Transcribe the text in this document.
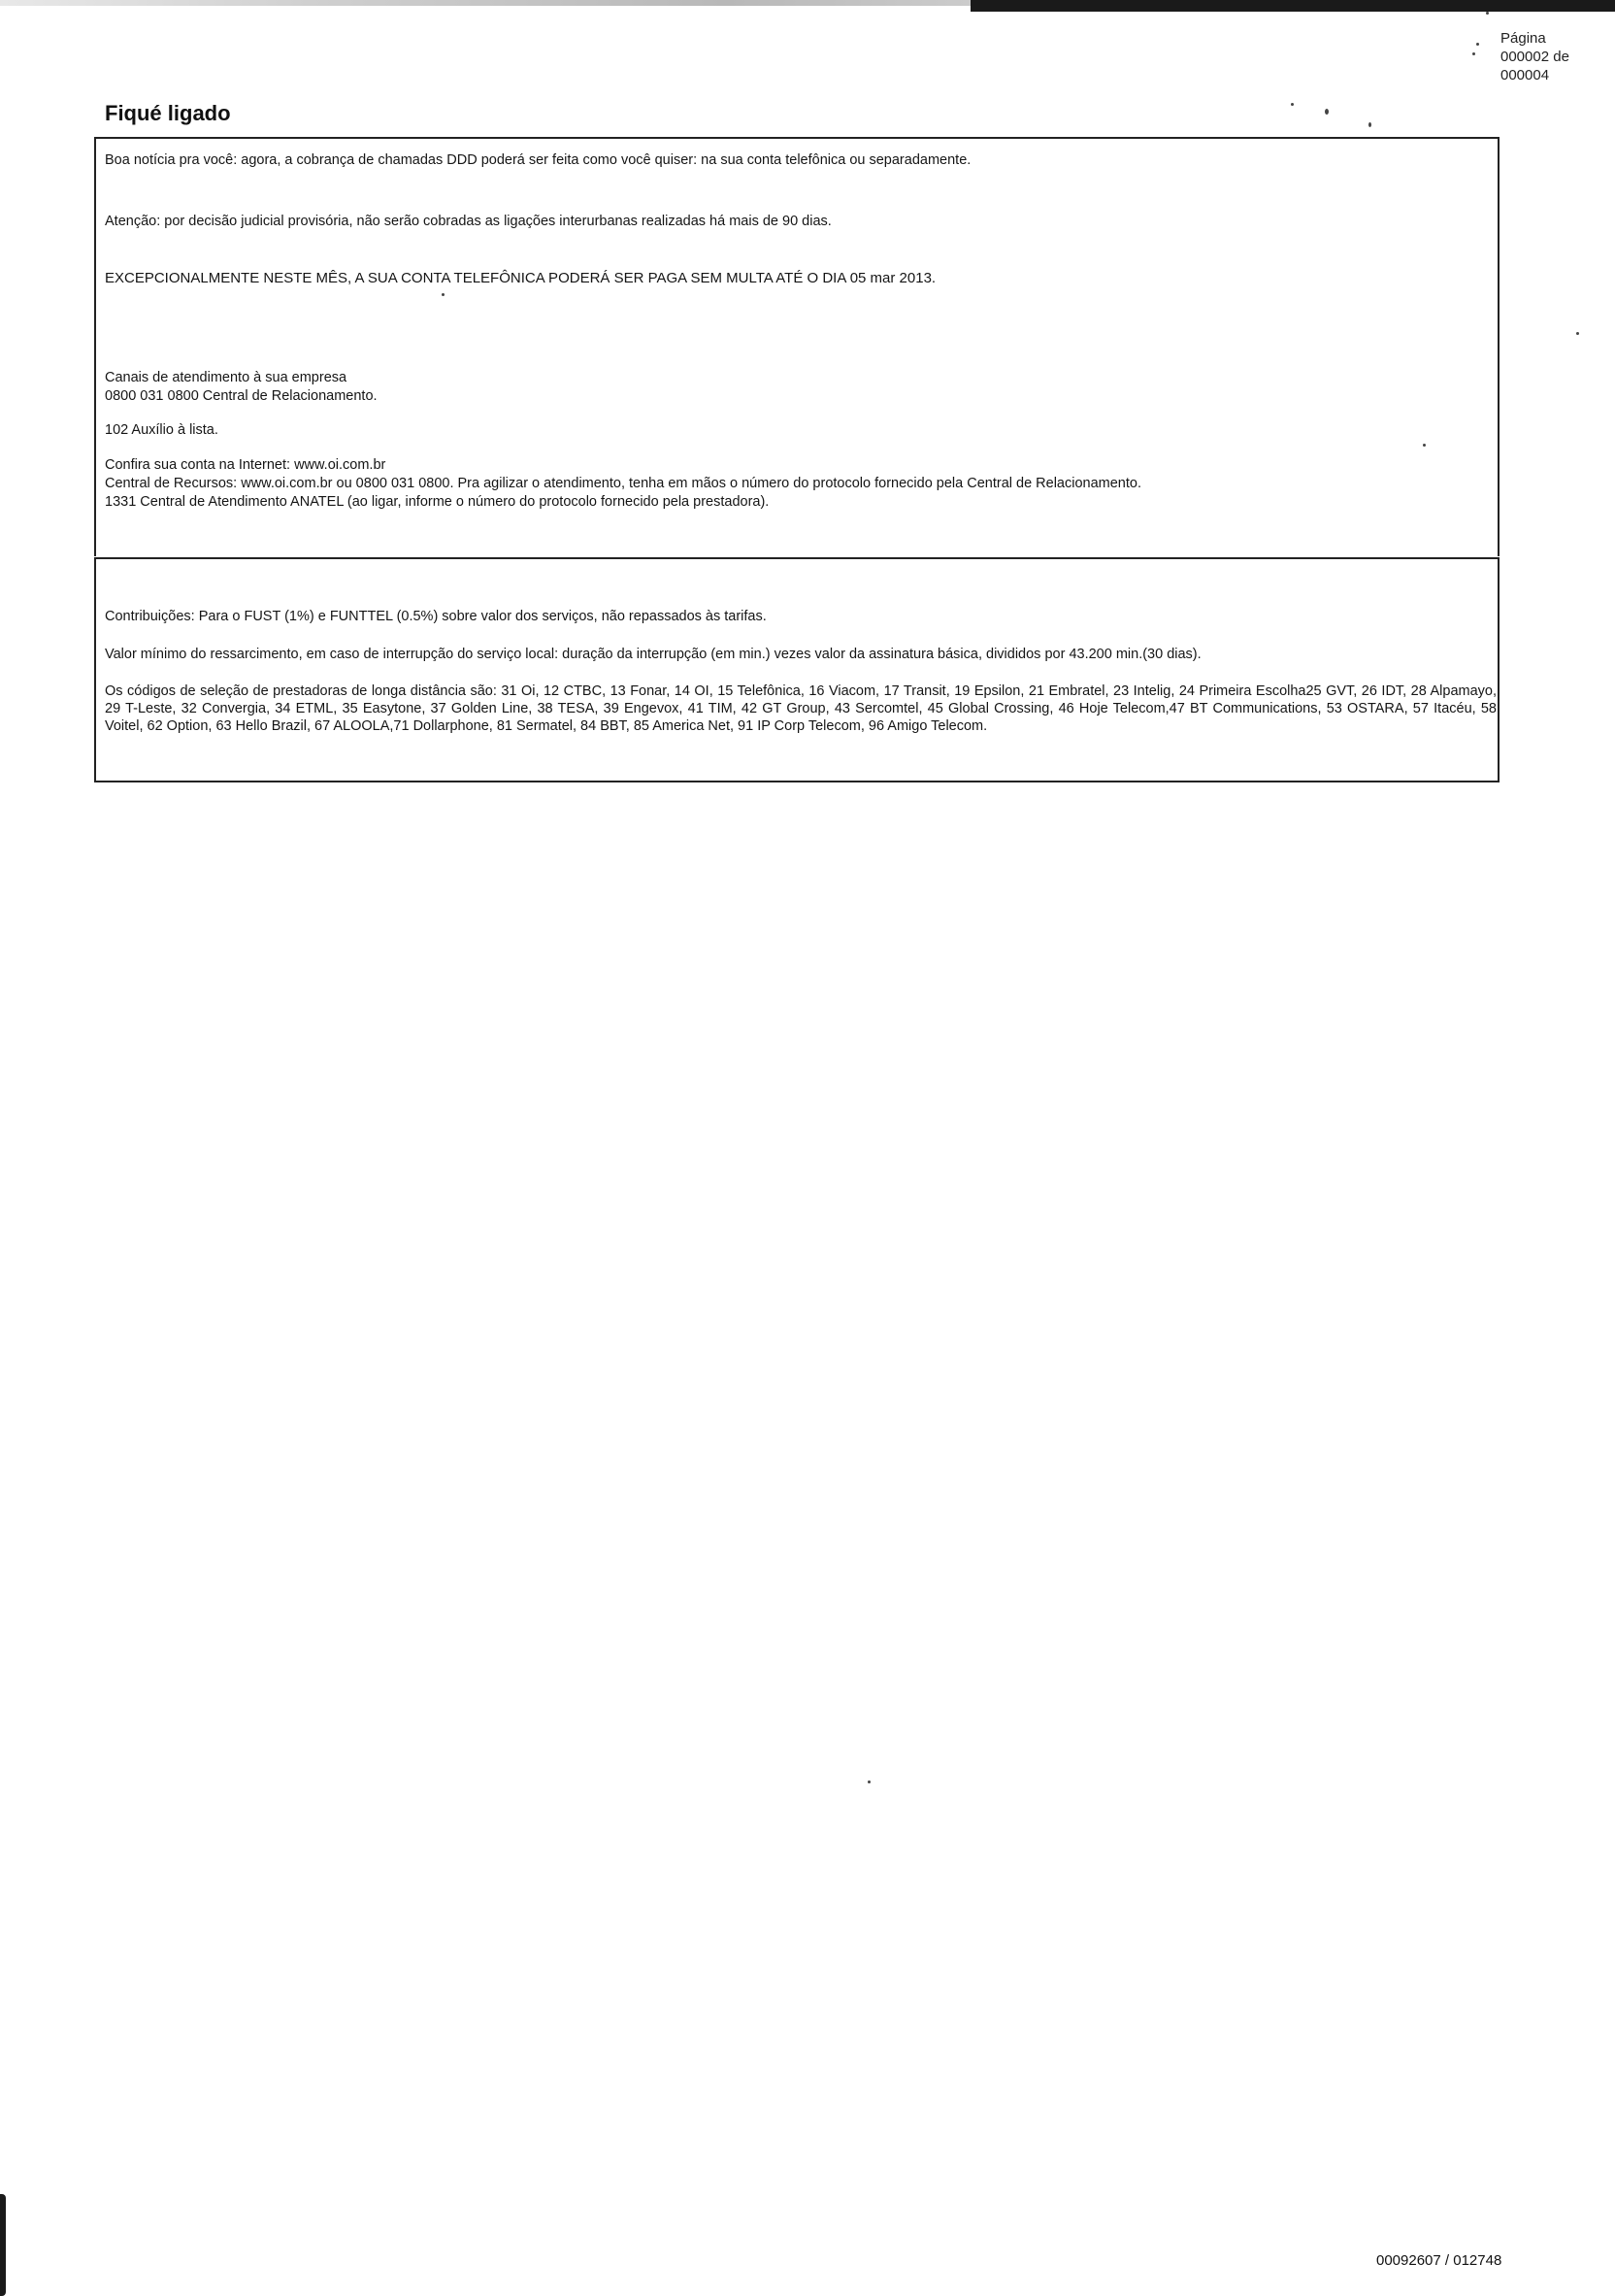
Página
000002 de
000004
Fiqué ligado
Boa notícia pra você: agora, a cobrança de chamadas DDD poderá ser feita como você quiser: na sua conta telefônica ou separadamente.
Atenção: por decisão judicial provisória, não serão cobradas as ligações interurbanas realizadas há mais de 90 dias.
EXCEPCIONALMENTE NESTE MÊS, A SUA CONTA TELEFÔNICA PODERÁ SER PAGA SEM MULTA ATÉ O DIA 05 mar 2013.
Canais de atendimento à sua empresa
0800 031 0800 Central de Relacionamento.
102 Auxílio à lista.
Confira sua conta na Internet: www.oi.com.br
Central de Recursos: www.oi.com.br ou 0800 031 0800. Pra agilizar o atendimento, tenha em mãos o número do protocolo fornecido pela Central de Relacionamento.
1331 Central de Atendimento ANATEL (ao ligar, informe o número do protocolo fornecido pela prestadora).
Contribuições: Para o FUST (1%) e FUNTTEL (0.5%) sobre valor dos serviços, não repassados às tarifas.
Valor mínimo do ressarcimento, em caso de interrupção do serviço local: duração da interrupção (em min.) vezes valor da assinatura básica, divididos por 43.200 min.(30 dias).
Os códigos de seleção de prestadoras de longa distância são: 31 Oi, 12 CTBC, 13 Fonar, 14 OI, 15 Telefônica, 16 Viacom, 17 Transit, 19 Epsilon, 21 Embratel, 23 Intelig, 24 Primeira Escolha25 GVT, 26 IDT, 28 Alpamayo, 29 T-Leste, 32 Convergia, 34 ETML, 35 Easytone, 37 Golden Line, 38 TESA, 39 Engevox, 41 TIM, 42 GT Group, 43 Sercomtel, 45 Global Crossing, 46 Hoje Telecom,47 BT Communications, 53 OSTARA, 57 Itacéu, 58 Voitel, 62 Option, 63 Hello Brazil, 67 ALOOLA,71 Dollarphone, 81 Sermatel, 84 BBT, 85 America Net, 91 IP Corp Telecom, 96 Amigo Telecom.
00092607 / 012748
